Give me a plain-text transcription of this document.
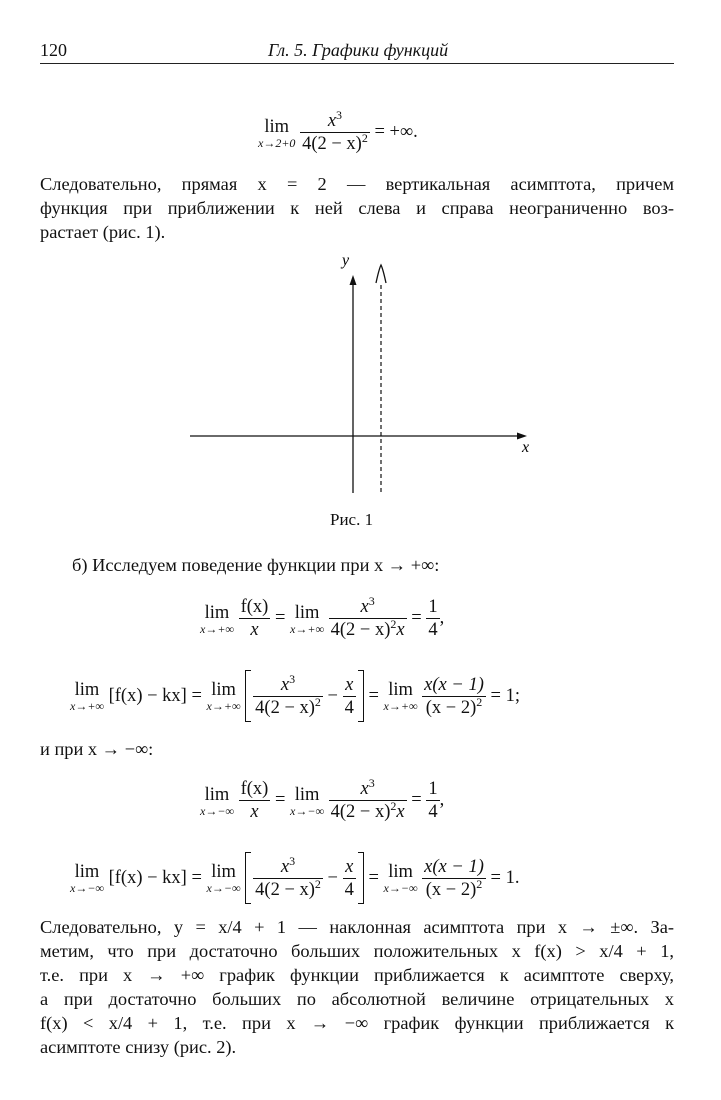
120	Гл. 5. Графики функций
lim
x→2+0
$\frac{x^3}{4(2 - x)^2}$ = +∞.
Следовательно, прямая x = 2 — вертикальная асимптота, причем
функция при приближении к ней слева и справа неограниченно воз-
растает (рис. 1).
y
x
Рис. 1
б) Исследуем поведение функции при x → +∞:
lim
x→+∞
$\frac{f(x)}{x} = \lim$
x→+∞
$\frac{x^3}{4(2 - x)^2x} = \frac{1}{4}$ ,
lim
x→+∞
[f(x) − kx] = lim
x→+∞
$\frac{x^3}{4(2 - x)^2} - \frac{x}{4} = \lim$
x→+∞
$\frac{x(x - 1)}{(x - 2)^2} = 1$;
и при x → −∞:
lim
x→−∞
$\frac{f(x)}{x} = \lim$
x→−∞
$\frac{x^3}{4(2 - x)^2x} = \frac{1}{4}$ ,
lim
x→−∞
[f(x) − kx] = lim
x→−∞
$\frac{x^3}{4(2 - x)^2} - \frac{x}{4} = \lim$
x→−∞
$\frac{x(x - 1)}{(x - 2)^2} = 1$.
Следовательно, y = x/4 + 1 — наклонная асимптота при x → ±∞. За-
метим, что при достаточно больших положительных x f(x) > x/4 + 1,
т.е. при x → +∞ график функции приближается к асимптоте сверху,
а при достаточно больших по абсолютной величине отрицательных x
f(x) < x/4 + 1, т.е. при x → −∞ график функции приближается к
асимптоте снизу (рис. 2).
